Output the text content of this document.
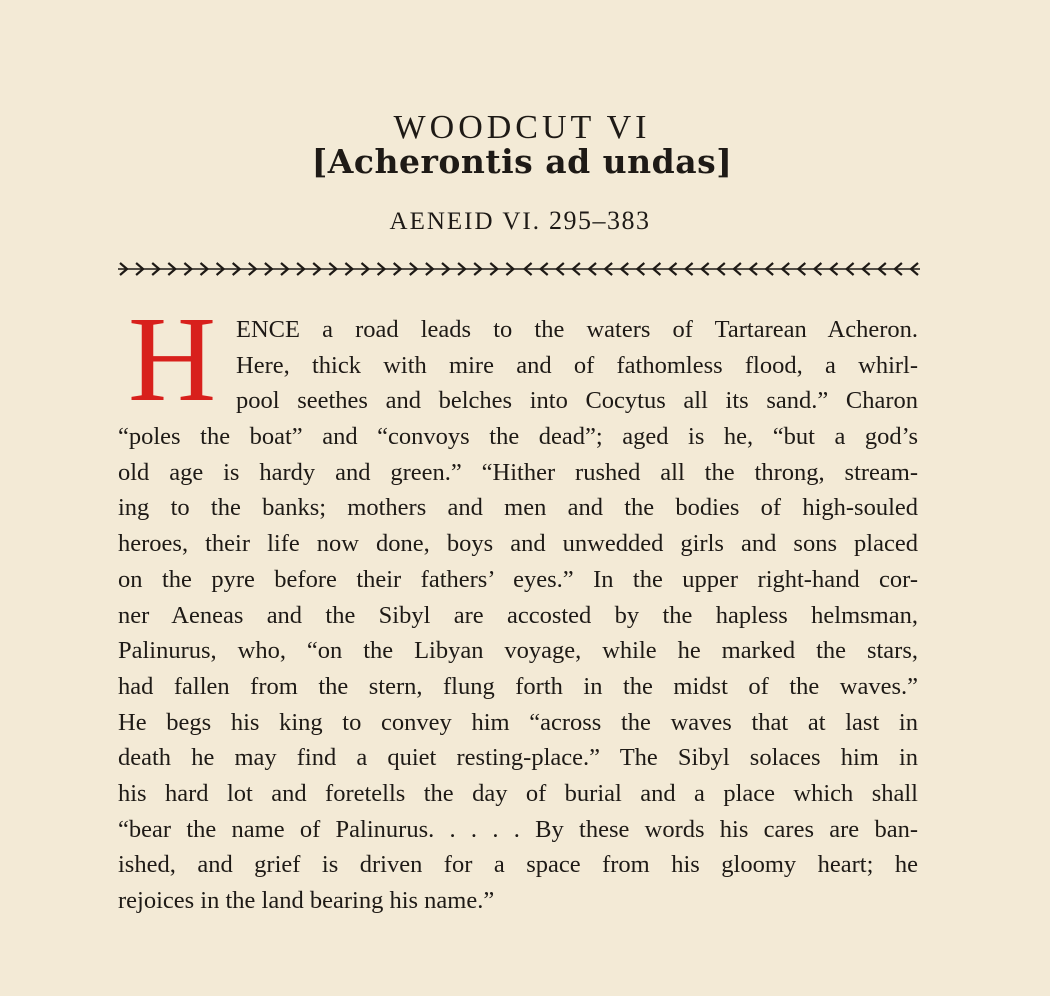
WOODCUT VI
[Acherontis ad undas]
AENEID VI. 295–383
H ENCE a road leads to the waters of Tartarean Acheron.
Here, thick with mire and of fathomless flood, a whirl-
pool seethes and belches into Cocytus all its sand.” Charon
“poles the boat” and “convoys the dead”; aged is he, “but a god’s
old age is hardy and green.” “Hither rushed all the throng, stream-
ing to the banks; mothers and men and the bodies of high-souled
heroes, their life now done, boys and unwedded girls and sons placed
on the pyre before their fathers’ eyes.” In the upper right-hand cor-
ner Aeneas and the Sibyl are accosted by the hapless helmsman,
Palinurus, who, “on the Libyan voyage, while he marked the stars,
had fallen from the stern, flung forth in the midst of the waves.”
He begs his king to convey him “across the waves that at last in
death he may find a quiet resting-place.” The Sibyl solaces him in
his hard lot and foretells the day of burial and a place which shall
“bear the name of Palinurus. . . . . By these words his cares are ban-
ished, and grief is driven for a space from his gloomy heart; he
rejoices in the land bearing his name.”
